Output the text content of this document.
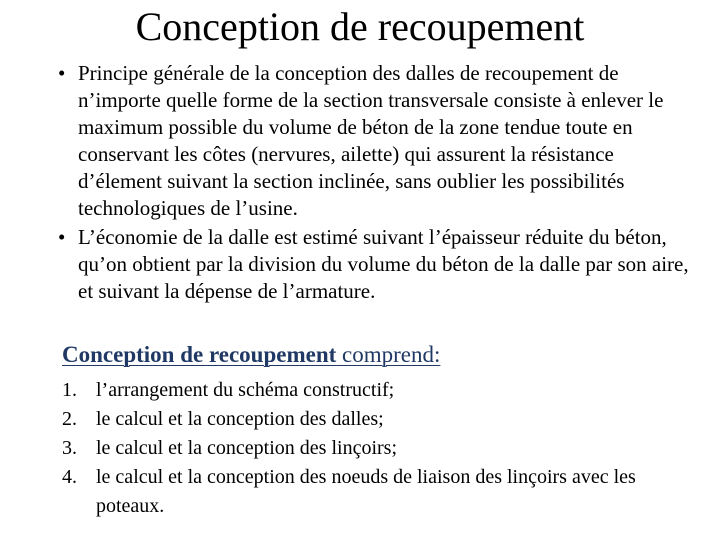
Conception de recoupement
• Principe générale de la conception des dalles de recoupement de n’importe quelle forme de la section transversale consiste à enlever le maximum possible du volume de béton de la zone tendue toute en conservant les côtes (nervures, ailette) qui assurent la résistance d’élement suivant la section inclinée, sans oublier les possibilités technologiques de l’usine.
• L’économie de la dalle est estimé suivant l’épaisseur réduite du béton, qu’on obtient par la division du volume du béton de la dalle par son aire, et suivant la dépense de l’armature.
Conception de recoupement comprend:
1. l’arrangement du schéma constructif;
2. le calcul et la conception des dalles;
3. le calcul et la conception des linçoirs;
4. le calcul et la conception des noeuds de liaison des linçoirs avec les poteaux.
